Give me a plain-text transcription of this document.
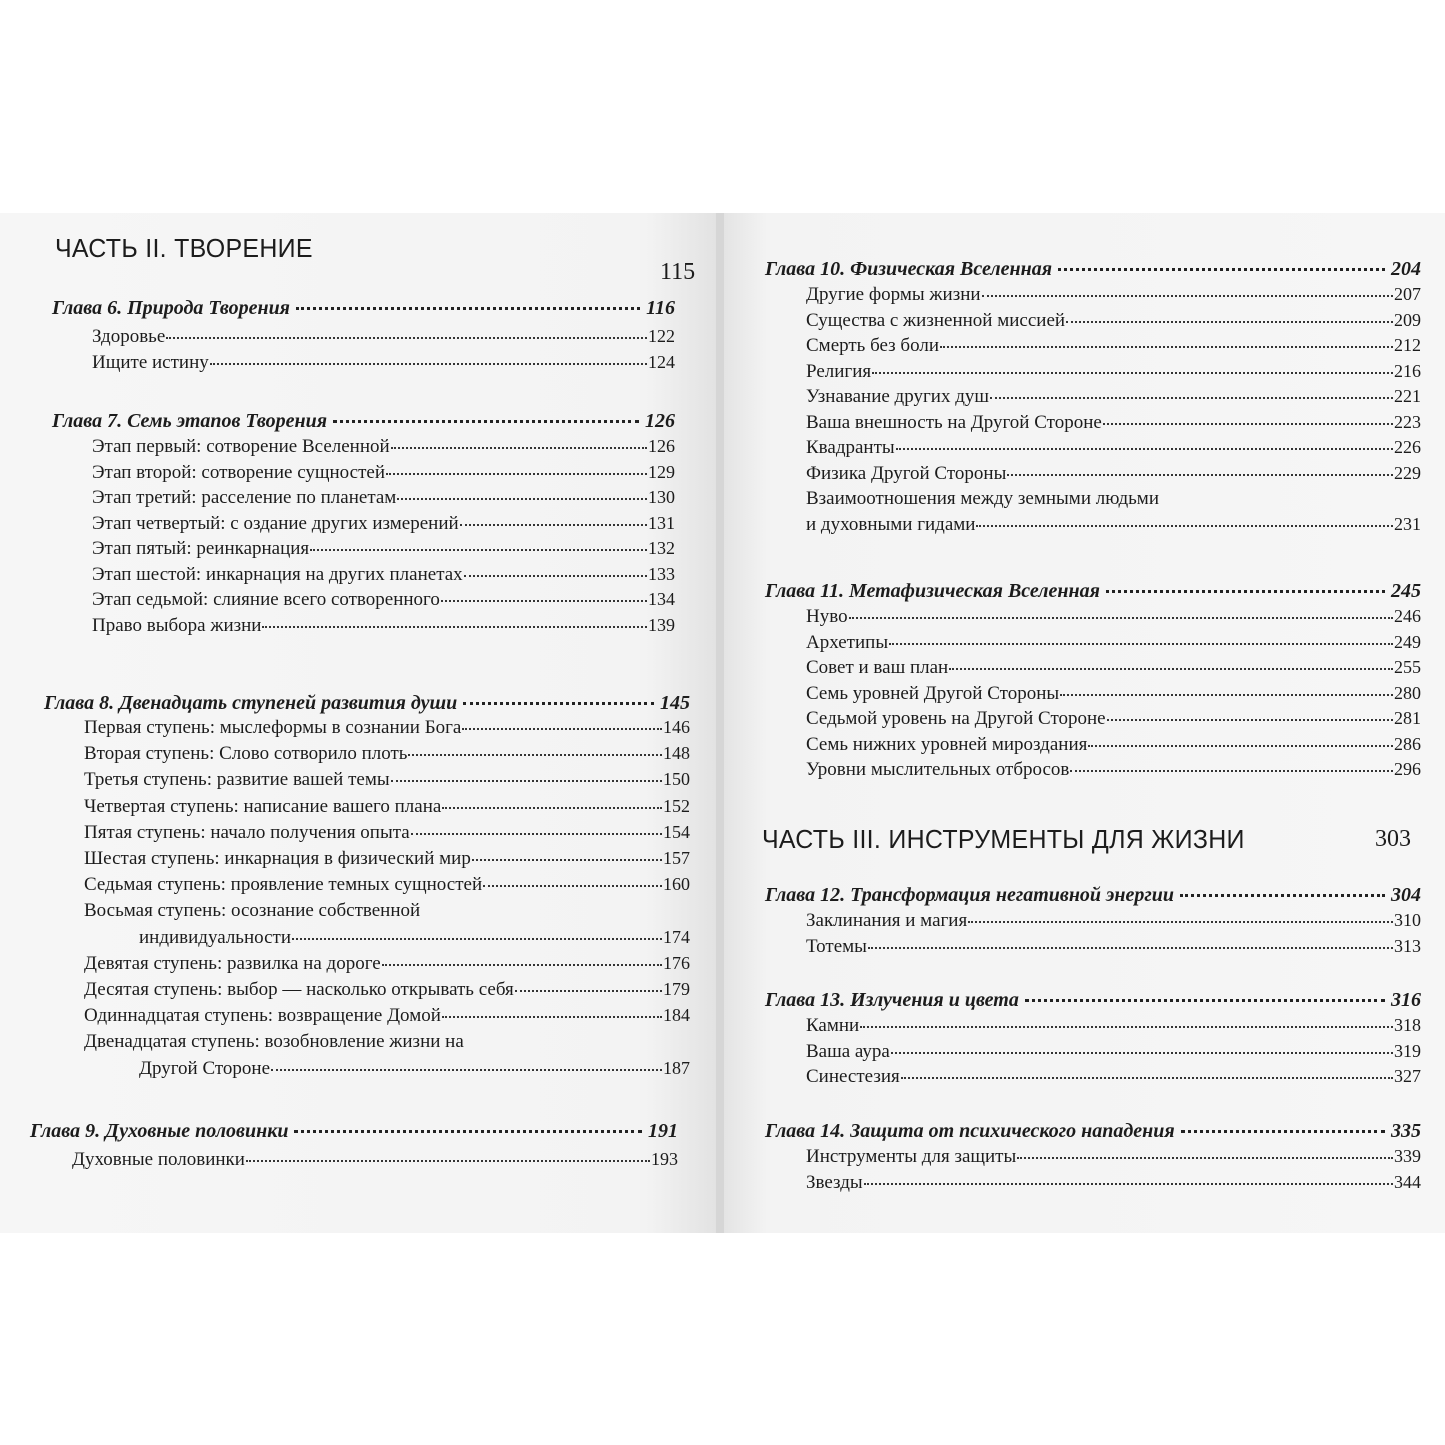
ЧАСТЬ II. ТВОРЕНИЕ
115
Глава 6. Природа Творения	116
Здоровье	122
Ищите истину	124
Глава 7. Семь этапов Творения	126
Этап первый: сотворение Вселенной	126
Этап второй: сотворение сущностей	129
Этап третий: расселение по планетам	130
Этап четвертый: с оздание других измерений	131
Этап пятый: реинкарнация	132
Этап шестой: инкарнация на других планетах	133
Этап седьмой: слияние всего сотворенного	134
Право выбора жизни	139
Глава 8. Двенадцать ступеней развития души	145
Первая ступень: мыслеформы в сознании Бога	146
Вторая ступень: Слово сотворило плоть	148
Третья ступень: развитие вашей темы	150
Четвертая ступень: написание вашего плана	152
Пятая ступень: начало получения опыта	154
Шестая ступень: инкарнация в физический мир	157
Седьмая ступень: проявление темных сущностей	160
Восьмая ступень: осознание собственной
индивидуальности	174
Девятая ступень: развилка на дороге	176
Десятая ступень: выбор — насколько открывать себя	179
Одиннадцатая ступень: возвращение Домой	184
Двенадцатая ступень: возобновление жизни на
Другой Стороне	187
Глава 9. Духовные половинки	191
Духовные половинки	193
Глава 10. Физическая Вселенная	204
Другие формы жизни	207
Существа с жизненной миссией	209
Смерть без боли	212
Религия	216
Узнавание других душ	221
Ваша внешность на Другой Стороне	223
Квадранты	226
Физика Другой Стороны	229
Взаимоотношения между земными людьми
и духовными гидами	231
Глава 11. Метафизическая Вселенная	245
Нуво	246
Архетипы	249
Совет и ваш план	255
Семь уровней Другой Стороны	280
Седьмой уровень на Другой Стороне	281
Семь нижних уровней мироздания	286
Уровни мыслительных отбросов	296
ЧАСТЬ III. ИНСТРУМЕНТЫ ДЛЯ ЖИЗНИ	303
Глава 12. Трансформация негативной энергии	304
Заклинания и магия	310
Тотемы	313
Глава 13. Излучения и цвета	316
Камни	318
Ваша аура	319
Синестезия	327
Глава 14. Защита от психического нападения	335
Инструменты для защиты	339
Звезды	344
